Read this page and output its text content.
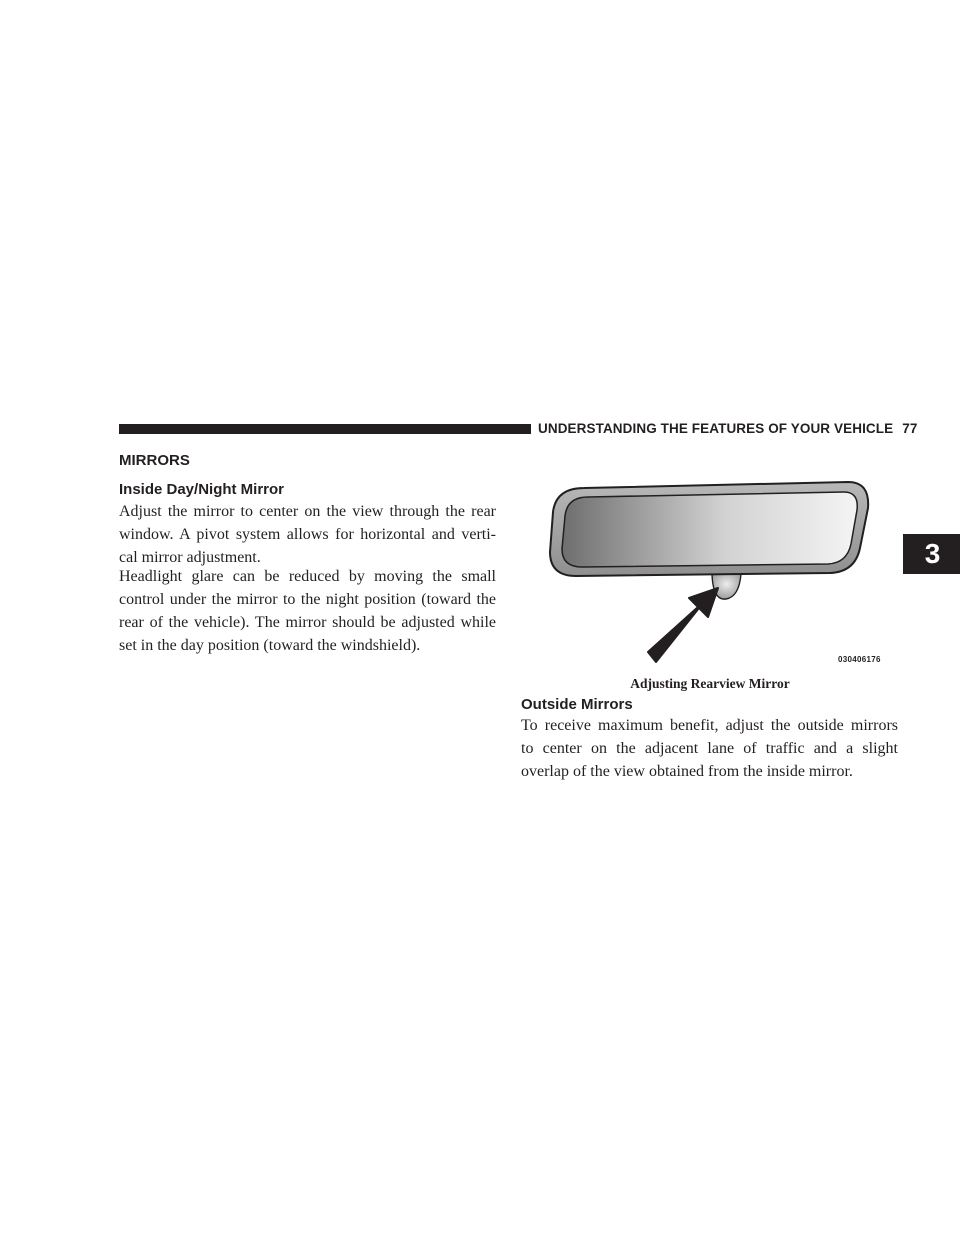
UNDERSTANDING THE FEATURES OF YOUR VEHICLE 77
3
MIRRORS
Inside Day/Night Mirror

Adjust the mirror to center on the view through the rear
window. A pivot system allows for horizontal and verti-
cal mirror adjustment.

Headlight glare can be reduced by moving the small
control under the mirror to the night position (toward the
rear of the vehicle). The mirror should be adjusted while
set in the day position (toward the windshield).

030406176
Adjusting Rearview Mirror
Outside Mirrors

To receive maximum benefit, adjust the outside mirrors
to center on the adjacent lane of traffic and a slight
overlap of the view obtained from the inside mirror.
